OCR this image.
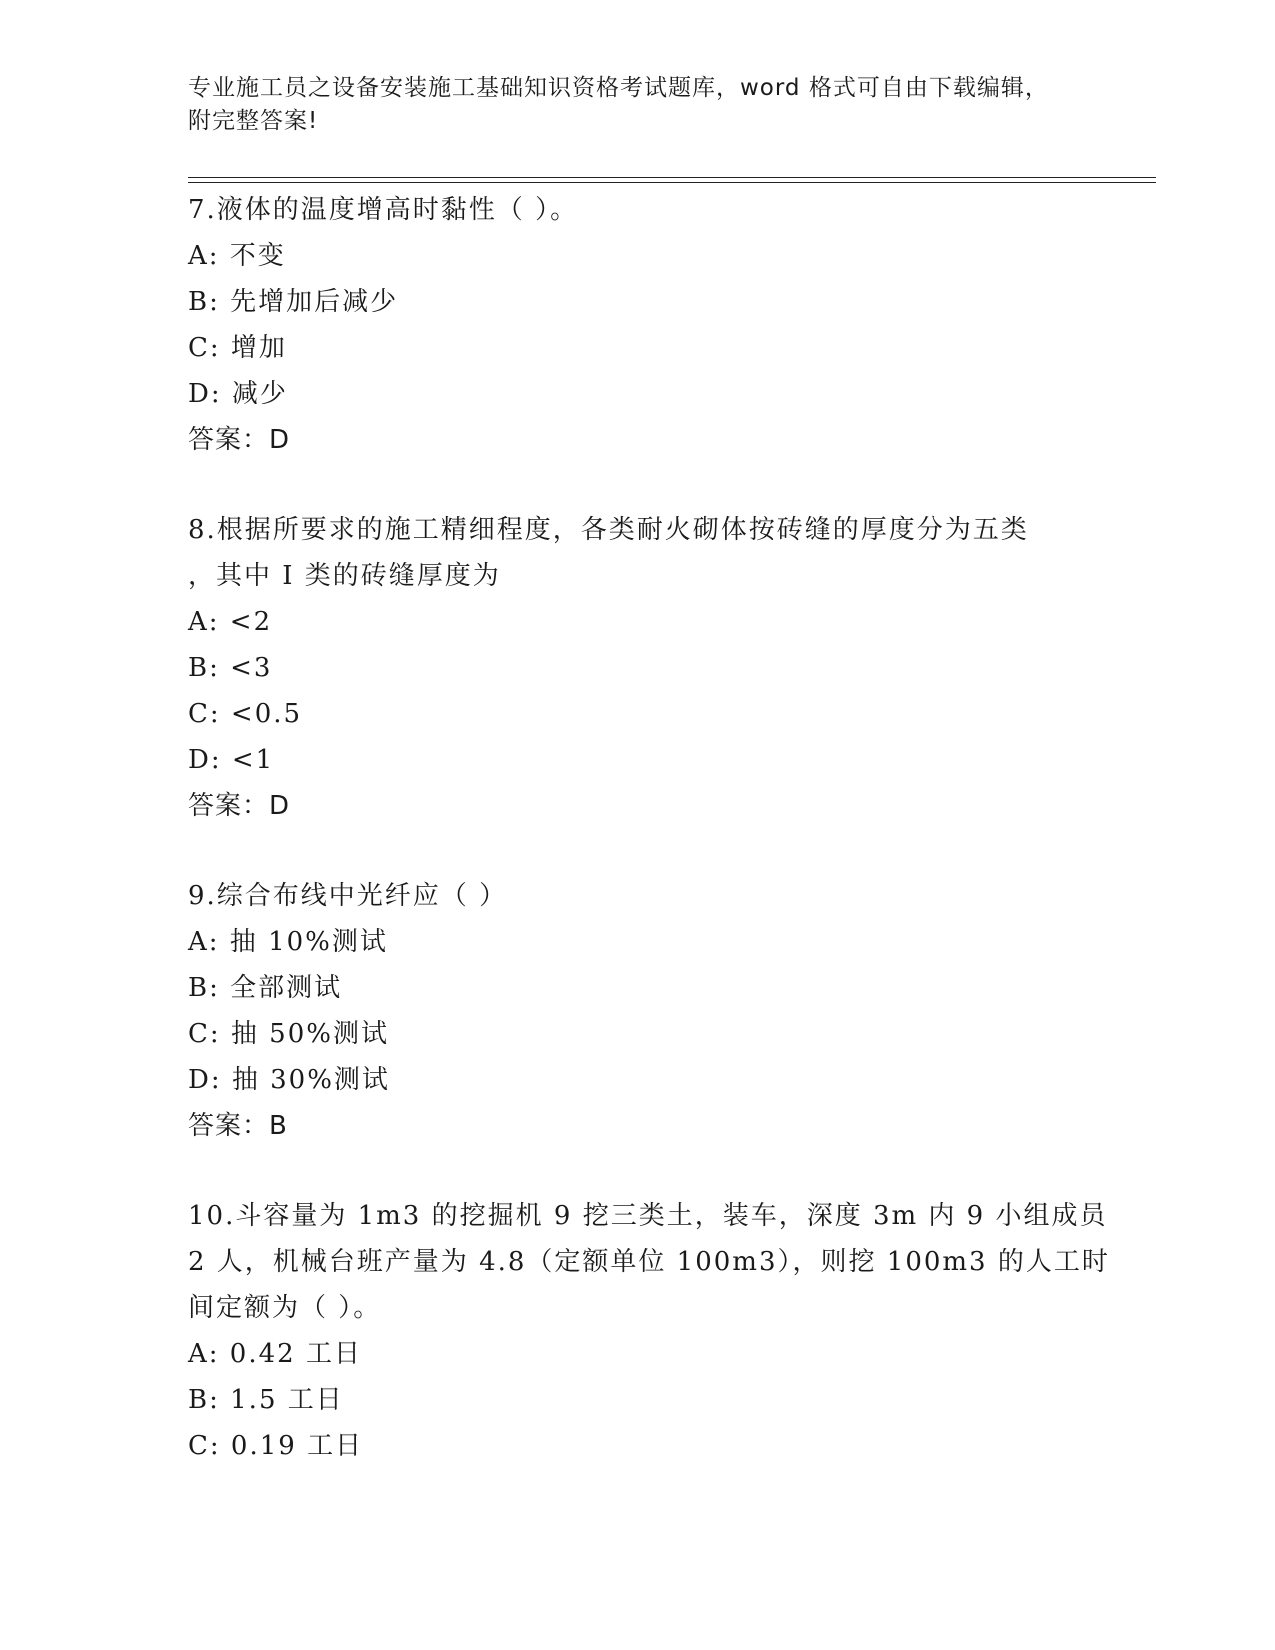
专业施工员之设备安装施工基础知识资格考试题库，word 格式可自由下载编辑，
附完整答案!
7.液体的温度增高时黏性（ ）。
A: 不变
B: 先增加后减少
C: 增加
D: 减少
答案：D
8.根据所要求的施工精细程度，各类耐火砌体按砖缝的厚度分为五类
，其中 I 类的砖缝厚度为
A: <2
B: <3
C: <0.5
D: <1
答案：D
9.综合布线中光纤应（ ）
A: 抽 10%测试
B: 全部测试
C: 抽 50%测试
D: 抽 30%测试
答案：B
10.斗容量为 1m3 的挖掘机 9 挖三类土，装车，深度 3m 内 9 小组成员
2 人，机械台班产量为 4.8（定额单位 100m3），则挖 100m3 的人工时
间定额为（ ）。
A: 0.42 工日
B: 1.5 工日
C: 0.19 工日
